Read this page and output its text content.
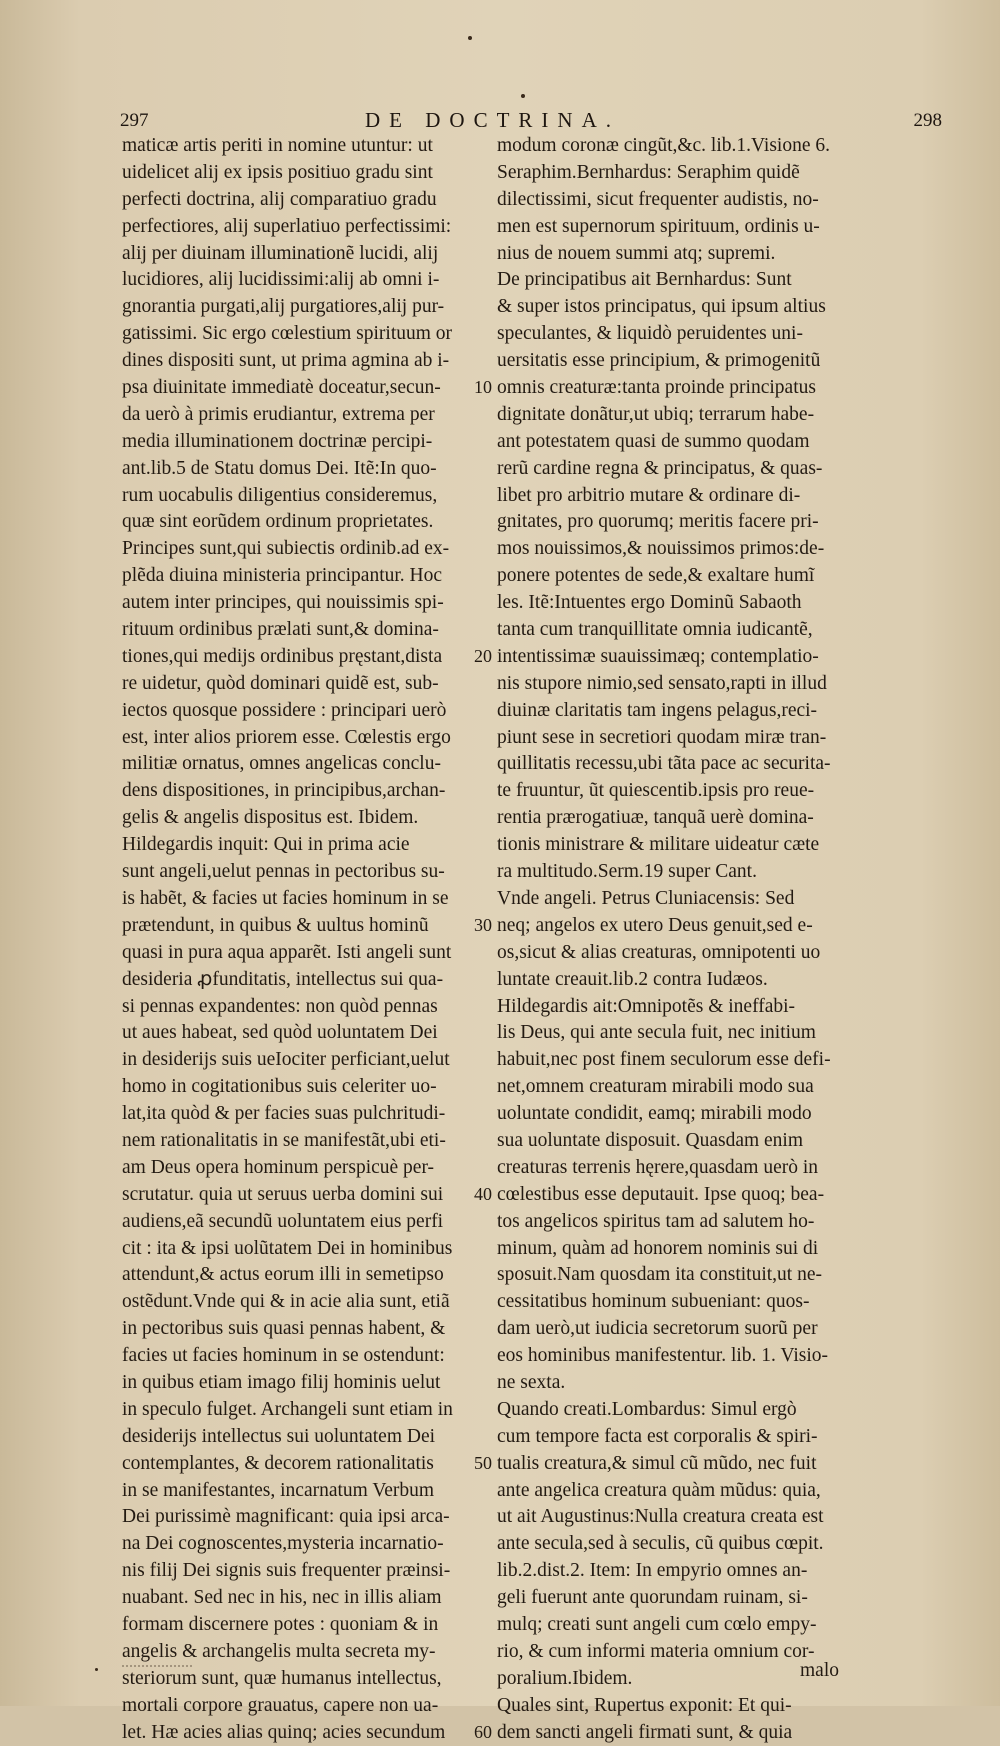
297	DE DOCTRINA.	298
maticæ artis periti in nomine utuntur: ut
uidelicet alij ex ipsis positiuo gradu sint
perfecti doctrina, alij comparatiuo gradu
perfectiores, alij superlatiuo perfectissimi:
alij per diuinam illuminationẽ lucidi, alij
lucidiores, alij lucidissimi:alij ab omni i-
gnorantia purgati,alij purgatiores,alij pur-
gatissimi. Sic ergo cœlestium spirituum or
dines dispositi sunt, ut prima agmina ab i-
psa diuinitate immediatè doceatur,secun-
da uerò à primis erudiantur, extrema per
media illuminationem doctrinæ percipi-
ant.lib.5 de Statu domus Dei. Itẽ:In quo-
rum uocabulis diligentius consideremus,
quæ sint eorũdem ordinum proprietates.
Principes sunt,qui subiectis ordinib.ad ex-
plẽda diuina ministeria principantur. Hoc
autem inter principes, qui nouissimis spi-
rituum ordinibus prælati sunt,& domina-
tiones,qui medijs ordinibus pręstant,dista
re uidetur, quòd dominari quidẽ est, sub-
iectos quosque possidere : principari uerò
est, inter alios priorem esse. Cœlestis ergo
militiæ ornatus, omnes angelicas conclu-
dens dispositiones, in principibus,archan-
gelis & angelis dispositus est. Ibidem.
Hildegardis inquit: Qui in prima acie
sunt angeli,uelut pennas in pectoribus su-
is habẽt, & facies ut facies hominum in se
prætendunt, in quibus & uultus hominũ
quasi in pura aqua apparẽt. Isti angeli sunt
desideria ꝓfunditatis, intellectus sui qua-
si pennas expandentes: non quòd pennas
ut aues habeat, sed quòd uoluntatem Dei
in desiderijs suis ueIociter perficiant,uelut
homo in cogitationibus suis celeriter uo-
lat,ita quòd & per facies suas pulchritudi-
nem rationalitatis in se manifestãt,ubi eti-
am Deus opera hominum perspicuè per-
scrutatur. quia ut seruus uerba domini sui
audiens,eã secundũ uoluntatem eius perfi
cit : ita & ipsi uolũtatem Dei in hominibus
attendunt,& actus eorum illi in semetipso
ostẽdunt.Vnde qui & in acie alia sunt, etiã
in pectoribus suis quasi pennas habent, &
facies ut facies hominum in se ostendunt:
in quibus etiam imago filij hominis uelut
in speculo fulget. Archangeli sunt etiam in
desiderijs intellectus sui uoluntatem Dei
contemplantes, & decorem rationalitatis
in se manifestantes, incarnatum Verbum
Dei purissimè magnificant: quia ipsi arca-
na Dei cognoscentes,mysteria incarnatio-
nis filij Dei signis suis frequenter præinsi-
nuabant. Sed nec in his, nec in illis aliam
formam discernere potes : quoniam & in
angelis & archangelis multa secreta my-
steriorum sunt, quæ humanus intellectus,
mortali corpore grauatus, capere non ua-
let. Hæ acies alias quinq; acies secundum
modum coronæ cingũt,&c. lib.1.Visione 6.
Seraphim.Bernhardus: Seraphim quidẽ
dilectissimi, sicut frequenter audistis, no-
men est supernorum spirituum, ordinis u-
nius de nouem summi atq; supremi.
De principatibus ait Bernhardus: Sunt
& super istos principatus, qui ipsum altius
speculantes, & liquidò peruidentes uni-
uersitatis esse principium, & primogenitũ
omnis creaturæ:tanta proinde principatus
dignitate donãtur,ut ubiq; terrarum habe-
ant potestatem quasi de summo quodam
rerũ cardine regna & principatus, & quas-
libet pro arbitrio mutare & ordinare di-
gnitates, pro quorumq; meritis facere pri-
mos nouissimos,& nouissimos primos:de-
ponere potentes de sede,& exaltare humĩ
les. Itẽ:Intuentes ergo Dominũ Sabaoth
tanta cum tranquillitate omnia iudicantẽ,
intentissimæ suauissimæq; contemplatio-
nis stupore nimio,sed sensato,rapti in illud
diuinæ claritatis tam ingens pelagus,reci-
piunt sese in secretiori quodam miræ tran-
quillitatis recessu,ubi tãta pace ac securita-
te fruuntur, ũt quiescentib.ipsis pro reue-
rentia prærogatiuæ, tanquã uerè domina-
tionis ministrare & militare uideatur cæte
ra multitudo.Serm.19 super Cant.
Vnde angeli. Petrus Cluniacensis: Sed
neq; angelos ex utero Deus genuit,sed e-
os,sicut & alias creaturas, omnipotenti uo
luntate creauit.lib.2 contra Iudæos.
Hildegardis ait:Omnipotẽs & ineffabi-
lis Deus, qui ante secula fuit, nec initium
habuit,nec post finem seculorum esse defi-
net,omnem creaturam mirabili modo sua
uoluntate condidit, eamq; mirabili modo
sua uoluntate disposuit. Quasdam enim
creaturas terrenis hęrere,quasdam uerò in
cœlestibus esse deputauit. Ipse quoq; bea-
tos angelicos spiritus tam ad salutem ho-
minum, quàm ad honorem nominis sui di
sposuit.Nam quosdam ita constituit,ut ne-
cessitatibus hominum subueniant: quos-
dam uerò,ut iudicia secretorum suorũ per
eos hominibus manifestentur. lib. 1. Visio-
ne sexta.
Quando creati.Lombardus: Simul ergò
cum tempore facta est corporalis & spiri-
tualis creatura,& simul cũ mũdo, nec fuit
ante angelica creatura quàm mũdus: quia,
ut ait Augustinus:Nulla creatura creata est
ante secula,sed à seculis, cũ quibus cœpit.
lib.2.dist.2. Item: In empyrio omnes an-
geli fuerunt ante quorundam ruinam, si-
mulq; creati sunt angeli cum cœlo empy-
rio, & cum informi materia omnium cor-
poralium.Ibidem.
Quales sint, Rupertus exponit: Et qui-
dem sancti angeli firmati sunt, & quia
10
20
30
40
50
60
malo
